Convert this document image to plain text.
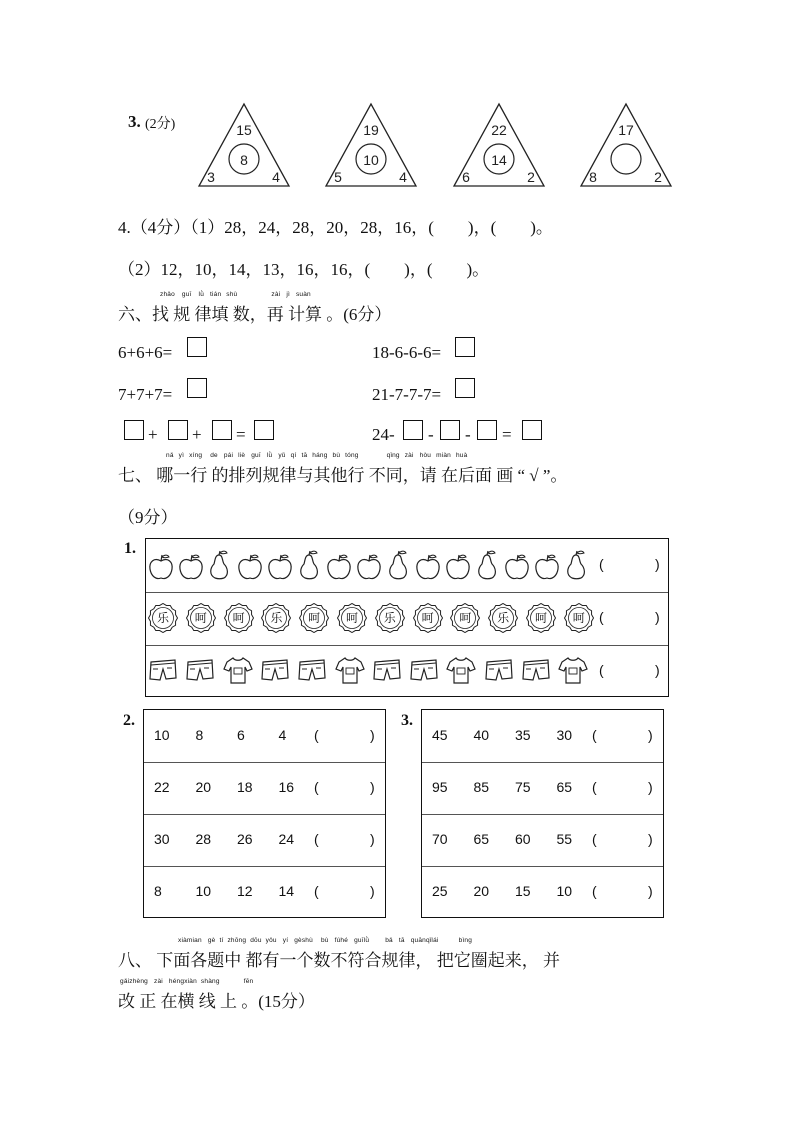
3. (2分)	15
8
3	4
19
10
5	4
22
14
6	2
17
8	2
4.（4分）（1）28，24，28，20，28，16，(　　)，(　　)。
（2）12，10，14，13，16，16，(　　)，(　　)。
zhǎo guī lǜ tián shù	zài jì suàn
六、找 规 律填 数，再 计算 。(6分）
6+6+6=	18-6-6-6=
7+7+7=	21-7-7-7=
+ + =	24- - - =
nǎ yì xíng de pái liè guī lǜ yǔ qí tā háng bù tóng	qǐng zài hòu miàn huà
七、 哪一行 的排列规律与其他行 不同，请 在后面 画 “ √ ”。
（9分）
1.
(	)
乐	呵	呵	乐	呵	呵	乐	呵	呵	乐	呵	呵	(	)
(	)
2.
10 8 6 4 (	)
22 20 18 16 (	)
30 28 26 24 (	)
8 10 12 14 (	)
3.
45 40 35 30 (	)
95 85 75 65 (	)
70 65 60 55 (	)
25 20 15 10 (	)
xiàmian   gè  tí  zhōng  dōu  yǒu   yí   gèshù    bù   fúhé   guīlǜ        bǎ   tā   quānqǐlái          bìng
八、 下面各题中 都有一个数不符合规律， 把它圈起来， 并
gǎizhèng   zài   héngxiàn  shàng            fēn
改 正 在横 线 上 。(15分）
